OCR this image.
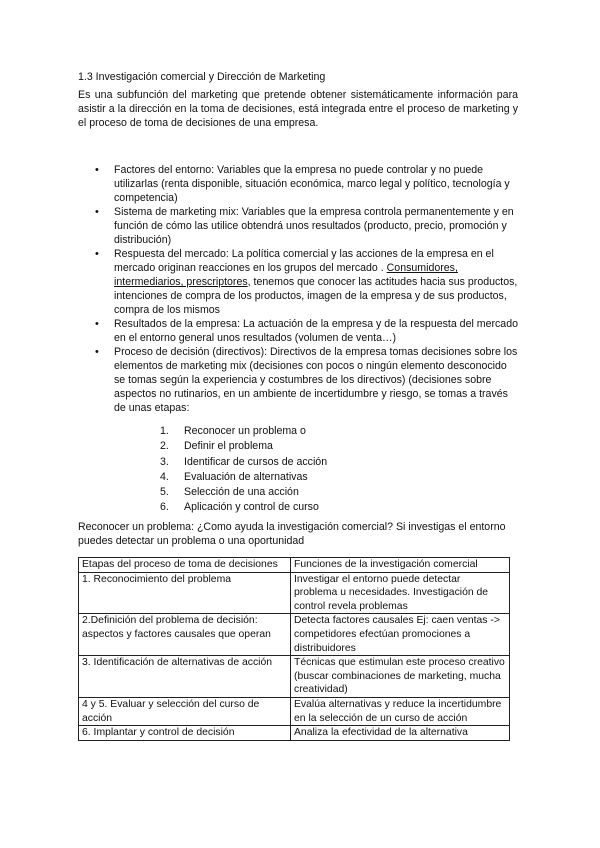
1.3 Investigación comercial y Dirección de Marketing
Es una subfunción del marketing que pretende obtener sistemáticamente información para asistir a la dirección en la toma de decisiones, está integrada entre el proceso de marketing y el proceso de toma de decisiones de una empresa.
• Factores del entorno: Variables que la empresa no puede controlar y no puede utilizarlas (renta disponible, situación económica, marco legal y político, tecnología y competencia)
• Sistema de marketing mix: Variables que la empresa controla permanentemente y en función de cómo las utilice obtendrá unos resultados (producto, precio, promoción y distribución)
• Respuesta del mercado: La política comercial y las acciones de la empresa en el mercado originan reacciones en los grupos del mercado . Consumidores, intermediarios, prescriptores, tenemos que conocer las actitudes hacia sus productos, intenciones de compra de los productos, imagen de la empresa y de sus productos, compra de los mismos
• Resultados de la empresa: La actuación de la empresa y de la respuesta del mercado en el entorno general unos resultados (volumen de venta…)
• Proceso de decisión (directivos): Directivos de la empresa tomas decisiones sobre los elementos de marketing mix (decisiones con pocos o ningún elemento desconocido se tomas según la experiencia y costumbres de los directivos) (decisiones sobre aspectos no rutinarios, en un ambiente de incertidumbre y riesgo, se tomas a través de unas etapas:
1.	Reconocer un problema o
2.	Definir el problema
3.	Identificar de cursos de acción
4.	Evaluación de alternativas
5.	Selección de una acción
6.	Aplicación y control de curso
Reconocer un problema: ¿Como ayuda la investigación comercial? Si investigas el entorno puedes detectar un problema o una oportunidad
Etapas del proceso de toma de decisiones	Funciones de la investigación comercial
1. Reconocimiento del problema	Investigar el entorno puede detectar problema u necesidades. Investigación de control revela problemas
2.Definición del problema de decisión: aspectos y factores causales que operan	Detecta factores causales Ej: caen ventas -> competidores efectúan promociones a distribuidores
3. Identificación de alternativas de acción	Técnicas que estimulan este proceso creativo (buscar combinaciones de marketing, mucha creatividad)
4 y 5. Evaluar y selección del curso de acción	Evalúa alternativas y reduce la incertidumbre en la selección de un curso de acción
6. Implantar y control de decisión	Analiza la efectividad de la alternativa
